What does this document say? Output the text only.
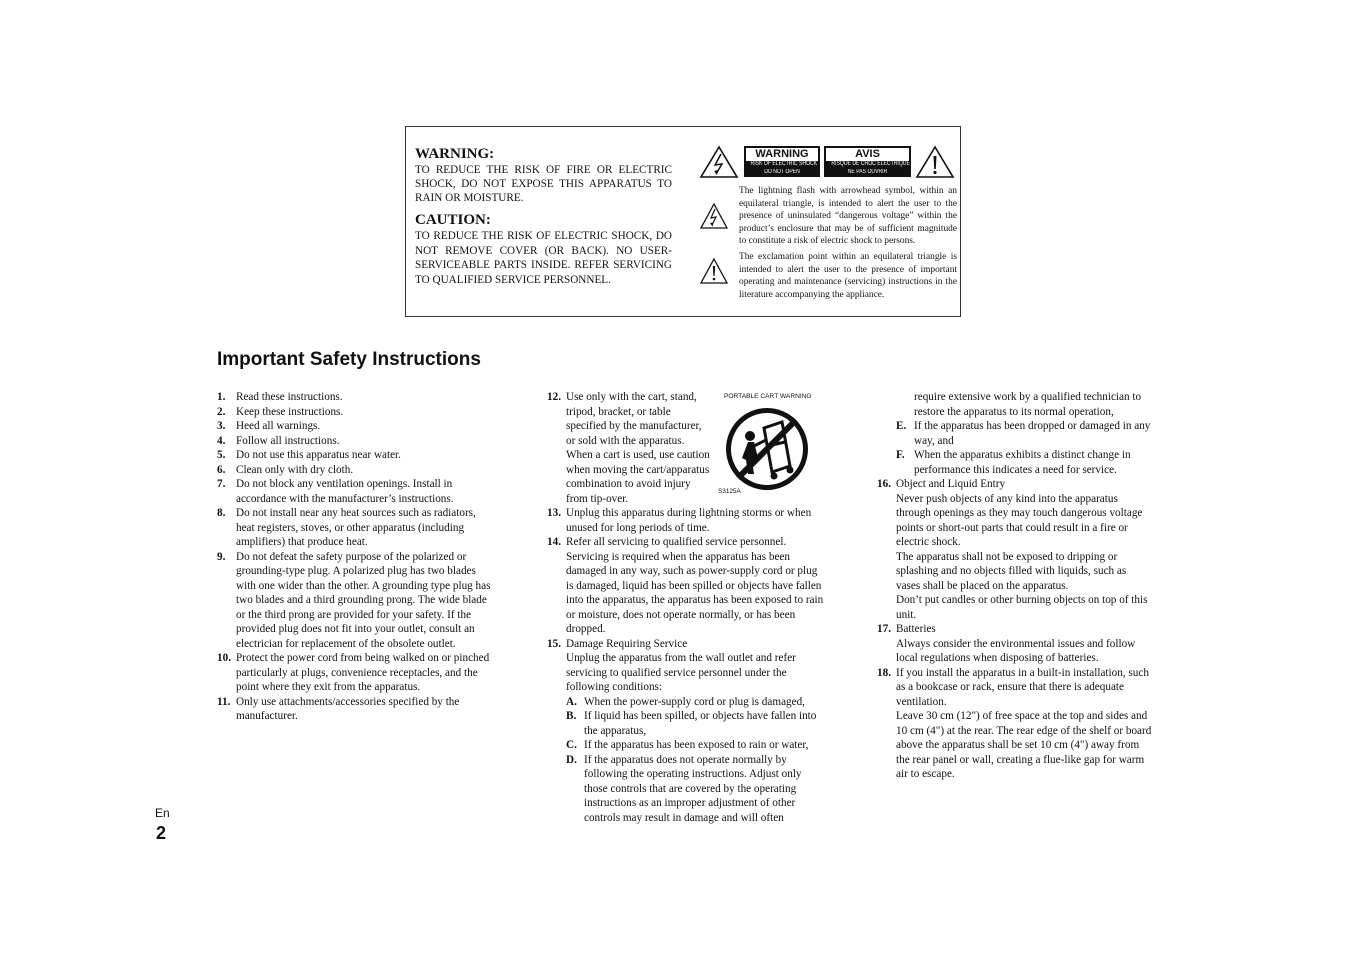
WARNING:

TO REDUCE THE RISK OF FIRE OR ELECTRIC SHOCK, DO NOT EXPOSE THIS APPARATUS TO RAIN OR MOISTURE.

CAUTION:

TO REDUCE THE RISK OF ELECTRIC SHOCK, DO NOT REMOVE COVER (OR BACK). NO USER-SERVICEABLE PARTS INSIDE. REFER SERVICING TO QUALIFIED SERVICE PERSONNEL.

WARNING
RISK OF ELECTRIC SHOCK
DO NOT OPEN
AVIS
RISQUE DE CHOC ELECTRIQUE
NE PAS OUVRIR
The lightning flash with arrowhead symbol, within an equilateral triangle, is intended to alert the user to the presence of uninsulated “dangerous voltage” within the product’s enclosure that may be of sufficient magnitude to constitute a risk of electric shock to persons.
The exclamation point within an equilateral triangle is intended to alert the user to the presence of important operating and maintenance (servicing) instructions in the literature accompanying the appliance.
Important Safety Instructions
1. Read these instructions.
2. Keep these instructions.
3. Heed all warnings.
4. Follow all instructions.
5. Do not use this apparatus near water.
6. Clean only with dry cloth.
7. Do not block any ventilation openings. Install in accordance with the manufacturer’s instructions.
8. Do not install near any heat sources such as radiators, heat registers, stoves, or other apparatus (including amplifiers) that produce heat.
9. Do not defeat the safety purpose of the polarized or grounding-type plug. A polarized plug has two blades with one wider than the other. A grounding type plug has two blades and a third grounding prong. The wide blade or the third prong are provided for your safety. If the provided plug does not fit into your outlet, consult an electrician for replacement of the obsolete outlet.
10. Protect the power cord from being walked on or pinched particularly at plugs, convenience receptacles, and the point where they exit from the apparatus.
11. Only use attachments/accessories specified by the manufacturer.
PORTABLE CART WARNING
S3125A
12. Use only with the cart, stand, tripod, bracket, or table specified by the manufacturer, or sold with the apparatus. When a cart is used, use caution when moving the cart/apparatus combination to avoid injury from tip-over.
13. Unplug this apparatus during lightning storms or when unused for long periods of time.
14. Refer all servicing to qualified service personnel. Servicing is required when the apparatus has been damaged in any way, such as power-supply cord or plug is damaged, liquid has been spilled or objects have fallen into the apparatus, the apparatus has been exposed to rain or moisture, does not operate normally, or has been dropped.
15. Damage Requiring Service
Unplug the apparatus from the wall outlet and refer servicing to qualified service personnel under the following conditions:
A. When the power-supply cord or plug is damaged,
B. If liquid has been spilled, or objects have fallen into the apparatus,
C. If the apparatus has been exposed to rain or water,
D. If the apparatus does not operate normally by following the operating instructions. Adjust only those controls that are covered by the operating instructions as an improper adjustment of other controls may result in damage and will often
require extensive work by a qualified technician to restore the apparatus to its normal operation,
E. If the apparatus has been dropped or damaged in any way, and
F. When the apparatus exhibits a distinct change in performance this indicates a need for service.
16. Object and Liquid Entry
Never push objects of any kind into the apparatus through openings as they may touch dangerous voltage points or short-out parts that could result in a fire or electric shock.
The apparatus shall not be exposed to dripping or splashing and no objects filled with liquids, such as vases shall be placed on the apparatus.
Don’t put candles or other burning objects on top of this unit.
17. Batteries
Always consider the environmental issues and follow local regulations when disposing of batteries.
18. If you install the apparatus in a built-in installation, such as a bookcase or rack, ensure that there is adequate ventilation.
Leave 30 cm (12") of free space at the top and sides and 10 cm (4") at the rear. The rear edge of the shelf or board above the apparatus shall be set 10 cm (4") away from the rear panel or wall, creating a flue-like gap for warm air to escape.
En
2
